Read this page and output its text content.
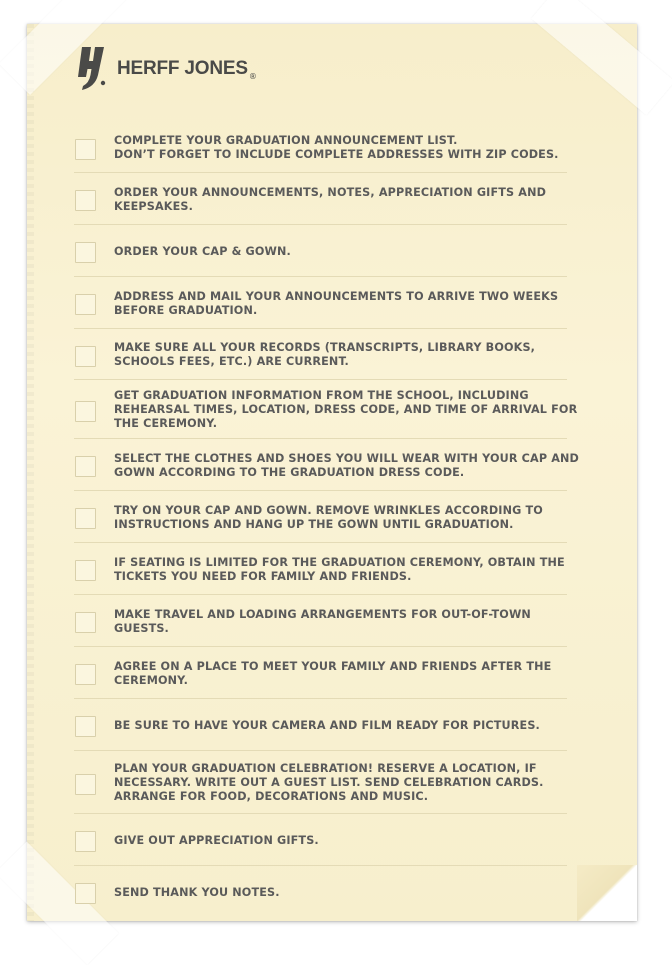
HERFF JONES ®
COMPLETE YOUR GRADUATION ANNOUNCEMENT LIST.
DON’T FORGET TO INCLUDE COMPLETE ADDRESSES WITH ZIP CODES.
ORDER YOUR ANNOUNCEMENTS, NOTES, APPRECIATION GIFTS AND KEEPSAKES.
ORDER YOUR CAP & GOWN.
ADDRESS AND MAIL YOUR ANNOUNCEMENTS TO ARRIVE TWO WEEKS BEFORE GRADUATION.
MAKE SURE ALL YOUR RECORDS (TRANSCRIPTS, LIBRARY BOOKS, SCHOOLS FEES, ETC.) ARE CURRENT.
GET GRADUATION INFORMATION FROM THE SCHOOL, INCLUDING REHEARSAL TIMES, LOCATION, DRESS CODE, AND TIME OF ARRIVAL FOR THE CEREMONY.
SELECT THE CLOTHES AND SHOES YOU WILL WEAR WITH YOUR CAP AND GOWN ACCORDING TO THE GRADUATION DRESS CODE.
TRY ON YOUR CAP AND GOWN. REMOVE WRINKLES ACCORDING TO INSTRUCTIONS AND HANG UP THE GOWN UNTIL GRADUATION.
IF SEATING IS LIMITED FOR THE GRADUATION CEREMONY, OBTAIN THE TICKETS YOU NEED FOR FAMILY AND FRIENDS.
MAKE TRAVEL AND LOADING ARRANGEMENTS FOR OUT-OF-TOWN GUESTS.
AGREE ON A PLACE TO MEET YOUR FAMILY AND FRIENDS AFTER THE CEREMONY.
BE SURE TO HAVE YOUR CAMERA AND FILM READY FOR PICTURES.
PLAN YOUR GRADUATION CELEBRATION! RESERVE A LOCATION, IF NECESSARY. WRITE OUT A GUEST LIST. SEND CELEBRATION CARDS. ARRANGE FOR FOOD, DECORATIONS AND MUSIC.
GIVE OUT APPRECIATION GIFTS.
SEND THANK YOU NOTES.
